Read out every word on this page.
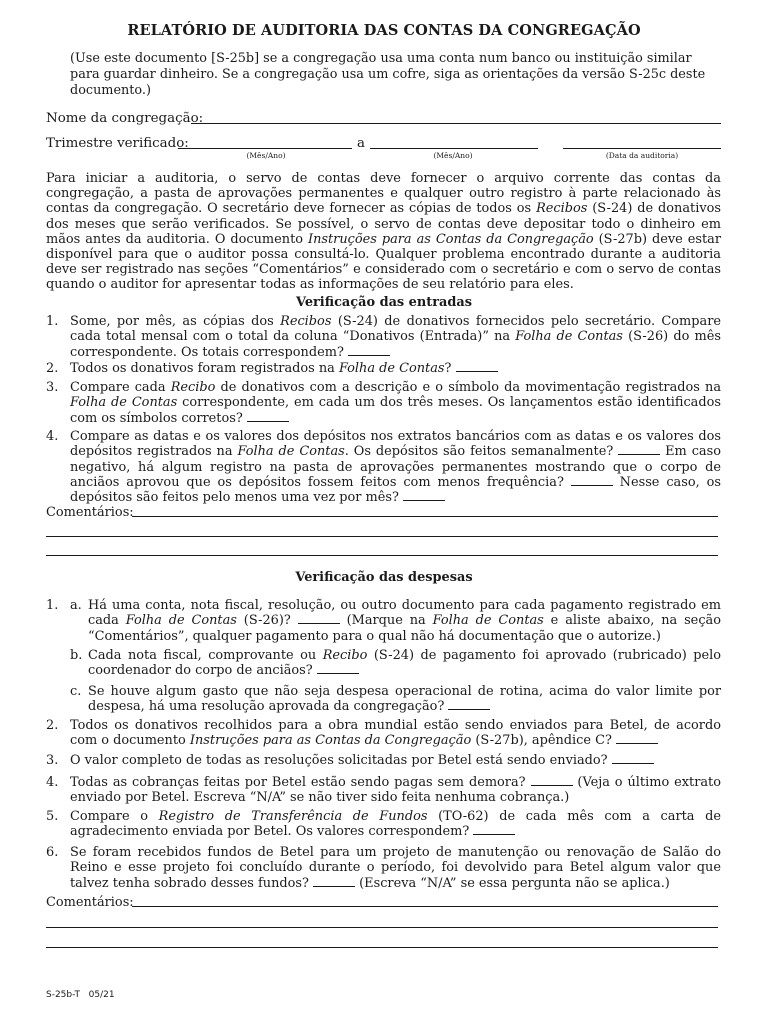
RELATÓRIO DE AUDITORIA DAS CONTAS DA CONGREGAÇÃO
(Use este documento [S-25b] se a congregação usa uma conta num banco ou instituição similar para guardar dinheiro. Se a congregação usa um cofre, siga as orientações da versão S-25c deste documento.)
Nome da congregação:
Trimestre verificado:	a
(Mês/Ano)	(Mês/Ano)	(Data da auditoria)
Para iniciar a auditoria, o servo de contas deve fornecer o arquivo corrente das contas da congregação, a pasta de aprovações permanentes e qualquer outro registro à parte relacionado às contas da congregação. O secretário deve fornecer as cópias de todos os Recibos (S-24) de donativos dos meses que serão verificados. Se possível, o servo de contas deve depositar todo o dinheiro em mãos antes da auditoria. O documento Instruções para as Contas da Congregação (S-27b) deve estar disponível para que o auditor possa consultá-lo. Qualquer problema encontrado durante a auditoria deve ser registrado nas seções “Comentários” e considerado com o secretário e com o servo de contas quando o auditor for apresentar todas as informações de seu relatório para eles.
Verificação das entradas
1. Some, por mês, as cópias dos Recibos (S-24) de donativos fornecidos pelo secretário. Compare cada total mensal com o total da coluna “Donativos (Entrada)” na Folha de Contas (S-26) do mês correspondente. Os totais correspondem?
2. Todos os donativos foram registrados na Folha de Contas?
3. Compare cada Recibo de donativos com a descrição e o símbolo da movimentação registrados na Folha de Contas correspondente, em cada um dos três meses. Os lançamentos estão identificados com os símbolos corretos?
4. Compare as datas e os valores dos depósitos nos extratos bancários com as datas e os valores dos depósitos registrados na Folha de Contas. Os depósitos são feitos semanalmente?	Em caso negativo, há algum registro na pasta de aprovações permanentes mostrando que o corpo de anciãos aprovou que os depósitos fossem feitos com menos frequência?	Nesse caso, os depósitos são feitos pelo menos uma vez por mês?
Comentários:
Verificação das despesas
1. a. Há uma conta, nota fiscal, resolução, ou outro documento para cada pagamento registrado em cada Folha de Contas (S-26)?	(Marque na Folha de Contas e aliste abaixo, na seção “Comentários”, qualquer pagamento para o qual não há documentação que o autorize.)
b. Cada nota fiscal, comprovante ou Recibo (S-24) de pagamento foi aprovado (rubricado) pelo coordenador do corpo de anciãos?
c. Se houve algum gasto que não seja despesa operacional de rotina, acima do valor limite por despesa, há uma resolução aprovada da congregação?
2. Todos os donativos recolhidos para a obra mundial estão sendo enviados para Betel, de acordo com o documento Instruções para as Contas da Congregação (S-27b), apêndice C?
3. O valor completo de todas as resoluções solicitadas por Betel está sendo enviado?
4. Todas as cobranças feitas por Betel estão sendo pagas sem demora?	(Veja o último extrato enviado por Betel. Escreva “N/A” se não tiver sido feita nenhuma cobrança.)
5. Compare o Registro de Transferência de Fundos (TO-62) de cada mês com a carta de agradecimento enviada por Betel. Os valores correspondem?
6. Se foram recebidos fundos de Betel para um projeto de manutenção ou renovação de Salão do Reino e esse projeto foi concluído durante o período, foi devolvido para Betel algum valor que talvez tenha sobrado desses fundos?	(Escreva “N/A” se essa pergunta não se aplica.)
Comentários:
S-25b-T 05/21
